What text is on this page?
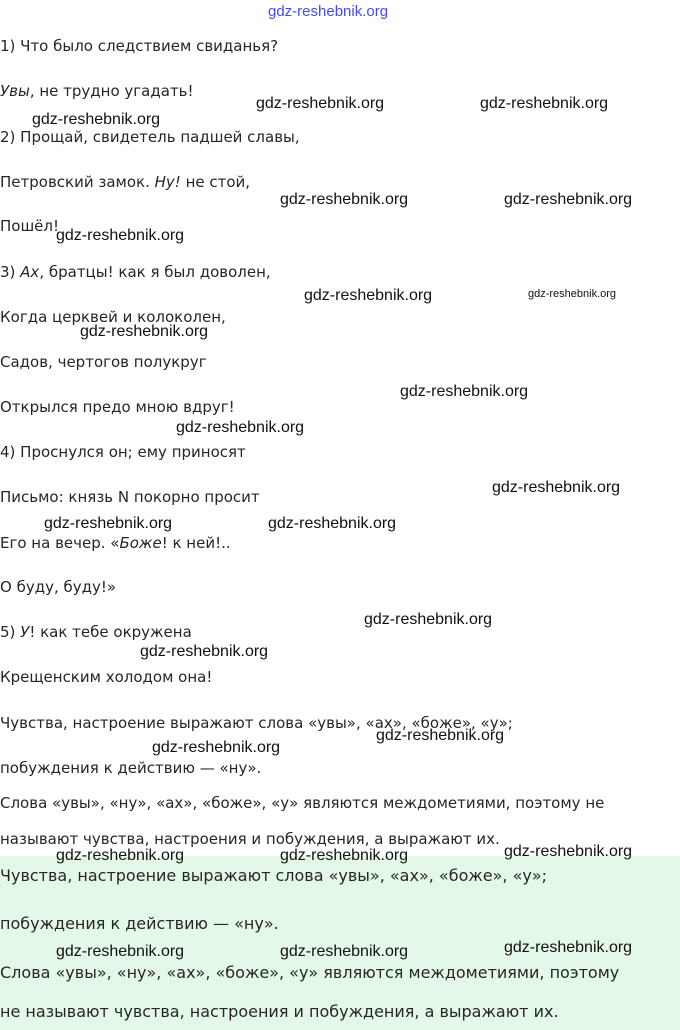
1) Что было следствием свиданья?
Увы, не трудно угадать!
2) Прощай, свидетель падшей славы,
Петровский замок. Ну! не стой,
Пошёл!
3) Ах, братцы! как я был доволен,
Когда церквей и колоколен,
Садов, чертогов полукруг
Открылся предо мною вдруг!
4) Проснулся он; ему приносят
Письмо: князь N покорно просит
Его на вечер. «Боже! к ней!..
О буду, буду!»
5) У! как тебе окружена
Крещенским холодом она!
Чувства, настроение выражают слова «увы», «ах», «боже», «у»;
побуждения к действию — «ну».
Слова «увы», «ну», «ах», «боже», «у» являются междометиями, поэтому не
называют чувства, настроения и побуждения, а выражают их.
Чувства, настроение выражают слова «увы», «ах», «боже», «у»;
побуждения к действию — «ну».
Слова «увы», «ну», «ах», «боже», «у» являются междометиями, поэтому
не называют чувства, настроения и побуждения, а выражают их.
gdz-reshebnik.org
gdz-reshebnik.org	gdz-reshebnik.org
gdz-reshebnik.org
gdz-reshebnik.org	gdz-reshebnik.org
gdz-reshebnik.org
gdz-reshebnik.org	gdz-reshebnik.org
gdz-reshebnik.org
gdz-reshebnik.org
gdz-reshebnik.org
gdz-reshebnik.org
gdz-reshebnik.org	gdz-reshebnik.org
gdz-reshebnik.org
gdz-reshebnik.org
gdz-reshebnik.org
gdz-reshebnik.org
gdz-reshebnik.org
gdz-reshebnik.org	gdz-reshebnik.org
gdz-reshebnik.org
gdz-reshebnik.org	gdz-reshebnik.org
